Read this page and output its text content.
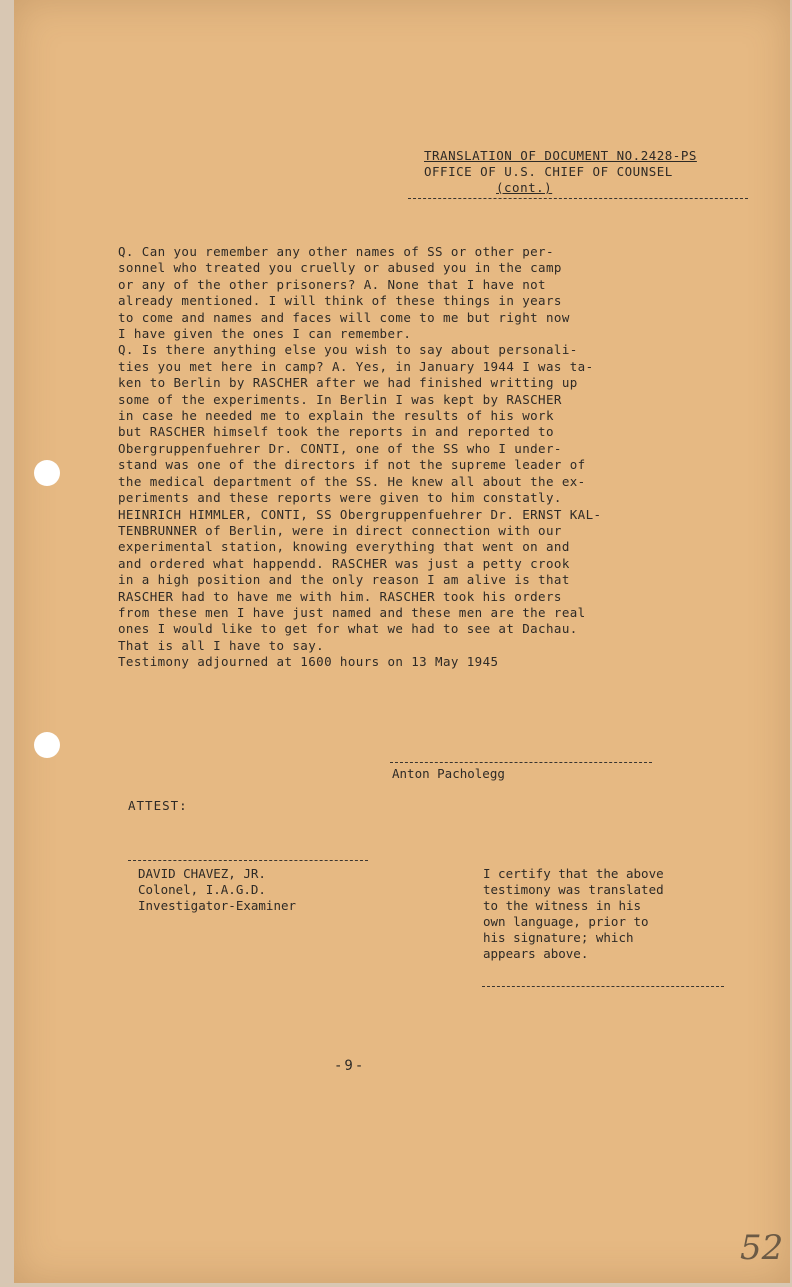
TRANSLATION OF DOCUMENT NO.2428-PS
OFFICE OF U.S. CHIEF OF COUNSEL
(cont.)
Q. Can you remember any other names of SS or other per-
sonnel who treated you cruelly or abused you in the camp
or any of the other prisoners? A. None that I have not
already mentioned. I will think of these things in years
to come and names and faces will come to me but right now
I have given the ones I can remember.
Q. Is there anything else you wish to say about personali-
ties you met here in camp? A. Yes, in January 1944 I was ta-
ken to Berlin by RASCHER after we had finished writting up
some of the experiments. In Berlin I was kept by RASCHER
in case he needed me to explain the results of his work
but RASCHER himself took the reports in and reported to
Obergruppenfuehrer Dr. CONTI, one of the SS who I under-
stand was one of the directors if not the supreme leader of
the medical department of the SS. He knew all about the ex-
periments and these reports were given to him constatly.
HEINRICH HIMMLER, CONTI, SS Obergruppenfuehrer Dr. ERNST KAL-
TENBRUNNER of Berlin, were in direct connection with our
experimental station, knowing everything that went on and
and ordered what happendd. RASCHER was just a petty crook
in a high position and the only reason I am alive is that
RASCHER had to have me with him. RASCHER took his orders
from these men I have just named and these men are the real
ones I would like to get for what we had to see at Dachau.
That is all I have to say.
Testimony adjourned at 1600 hours on 13 May 1945
Anton Pacholegg
ATTEST:
DAVID CHAVEZ, JR.
Colonel, I.A.G.D.
Investigator-Examiner
I certify that the above
testimony was translated
to the witness in his
own language, prior to
his signature; which
appears above.
-9-
52
